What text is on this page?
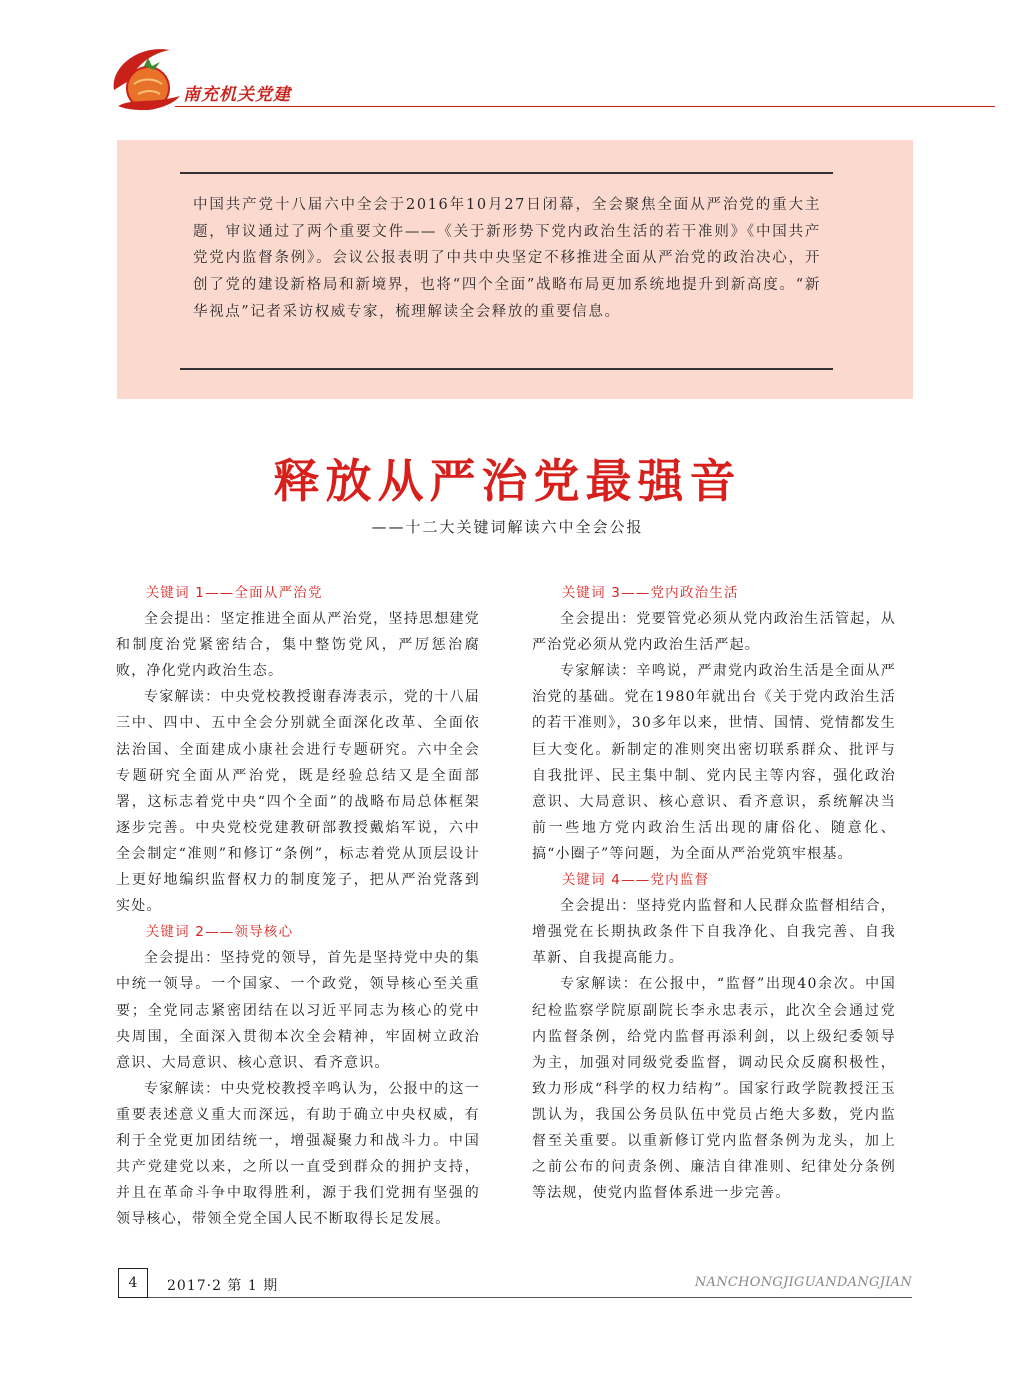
南充机关党建
中国共产党十八届六中全会于2016年10月27日闭幕，全会聚焦全面从严治党的重大主题，审议通过了两个重要文件——《关于新形势下党内政治生活的若干准则》《中国共产党党内监督条例》。会议公报表明了中共中央坚定不移推进全面从严治党的政治决心，开创了党的建设新格局和新境界，也将“四个全面”战略布局更加系统地提升到新高度。“新华视点”记者采访权威专家，梳理解读全会释放的重要信息。
释放从严治党最强音
——十二大关键词解读六中全会公报

关键词 1——全面从严治党

全会提出：坚定推进全面从严治党，坚持思想建党和制度治党紧密结合，集中整饬党风，严厉惩治腐败，净化党内政治生态。

专家解读：中央党校教授谢春涛表示，党的十八届三中、四中、五中全会分别就全面深化改革、全面依法治国、全面建成小康社会进行专题研究。六中全会专题研究全面从严治党，既是经验总结又是全面部署，这标志着党中央“四个全面”的战略布局总体框架逐步完善。中央党校党建教研部教授戴焰军说，六中全会制定“准则”和修订“条例”，标志着党从顶层设计上更好地编织监督权力的制度笼子，把从严治党落到实处。

关键词 2——领导核心

全会提出：坚持党的领导，首先是坚持党中央的集中统一领导。一个国家、一个政党，领导核心至关重要；全党同志紧密团结在以习近平同志为核心的党中央周围，全面深入贯彻本次全会精神，牢固树立政治意识、大局意识、核心意识、看齐意识。

专家解读：中央党校教授辛鸣认为，公报中的这一重要表述意义重大而深远，有助于确立中央权威，有利于全党更加团结统一，增强凝聚力和战斗力。中国共产党建党以来，之所以一直受到群众的拥护支持，并且在革命斗争中取得胜利，源于我们党拥有坚强的领导核心，带领全党全国人民不断取得长足发展。

关键词 3——党内政治生活

全会提出：党要管党必须从党内政治生活管起，从严治党必须从党内政治生活严起。

专家解读：辛鸣说，严肃党内政治生活是全面从严治党的基础。党在1980年就出台《关于党内政治生活的若干准则》，30多年以来，世情、国情、党情都发生巨大变化。新制定的准则突出密切联系群众、批评与自我批评、民主集中制、党内民主等内容，强化政治意识、大局意识、核心意识、看齐意识，系统解决当前一些地方党内政治生活出现的庸俗化、随意化、搞“小圈子”等问题，为全面从严治党筑牢根基。

关键词 4——党内监督

全会提出：坚持党内监督和人民群众监督相结合，增强党在长期执政条件下自我净化、自我完善、自我革新、自我提高能力。

专家解读：在公报中，“监督”出现40余次。中国纪检监察学院原副院长李永忠表示，此次全会通过党内监督条例，给党内监督再添利剑，以上级纪委领导为主，加强对同级党委监督，调动民众反腐积极性，致力形成“科学的权力结构”。国家行政学院教授汪玉凯认为，我国公务员队伍中党员占绝大多数，党内监督至关重要。以重新修订党内监督条例为龙头，加上之前公布的问责条例、廉洁自律准则、纪律处分条例等法规，使党内监督体系进一步完善。

4	2017·2 第 1 期	NANCHONGJIGUANDANGJIAN
